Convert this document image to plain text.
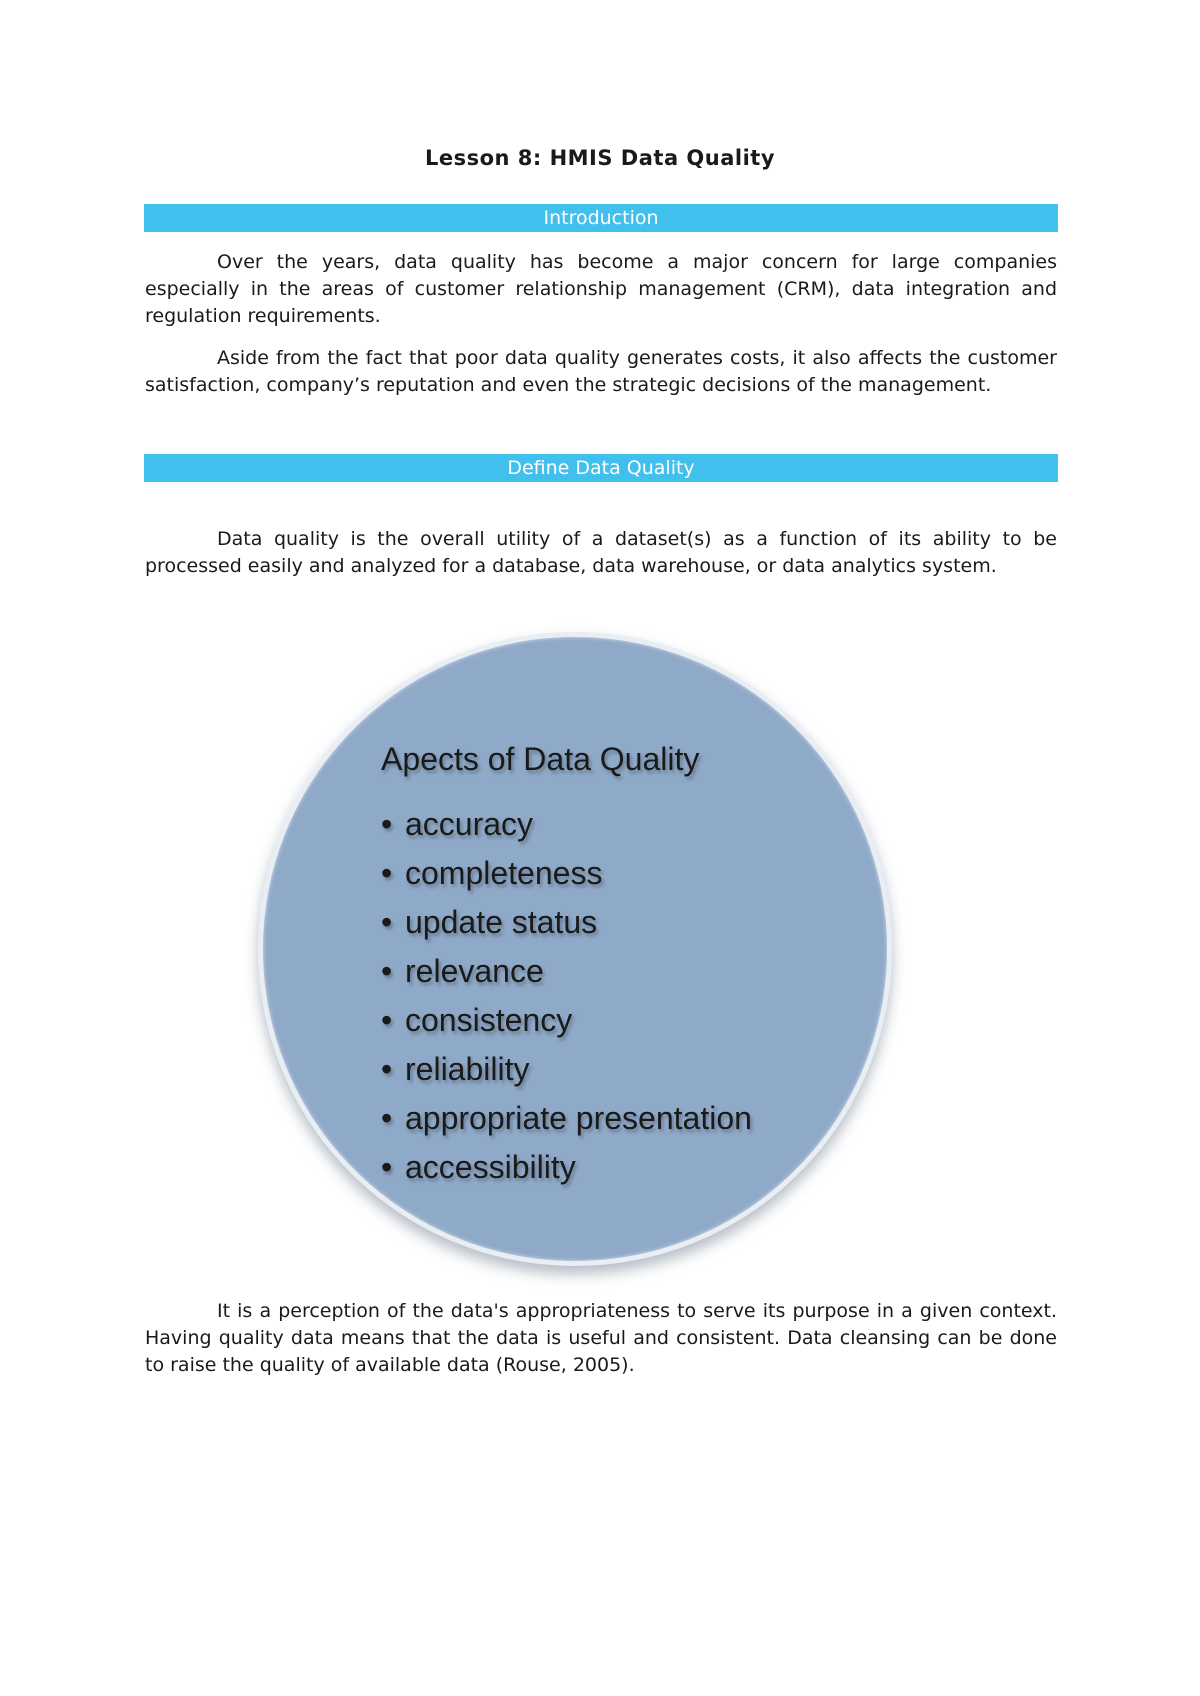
Lesson 8: HMIS Data Quality
Introduction

Over the years, data quality has become a major concern for large companies especially in the areas of customer relationship management (CRM), data integration and regulation requirements.

Aside from the fact that poor data quality generates costs, it also affects the customer satisfaction, company’s reputation and even the strategic decisions of the management.

Define Data Quality

Data quality is the overall utility of a dataset(s) as a function of its ability to be processed easily and analyzed for a database, data warehouse, or data analytics system.

Apects of Data Quality
• accuracy
• completeness
• update status
• relevance
• consistency
• reliability
• appropriate presentation
• accessibility

It is a perception of the data's appropriateness to serve its purpose in a given context. Having quality data means that the data is useful and consistent. Data cleansing can be done to raise the quality of available data (Rouse, 2005).
